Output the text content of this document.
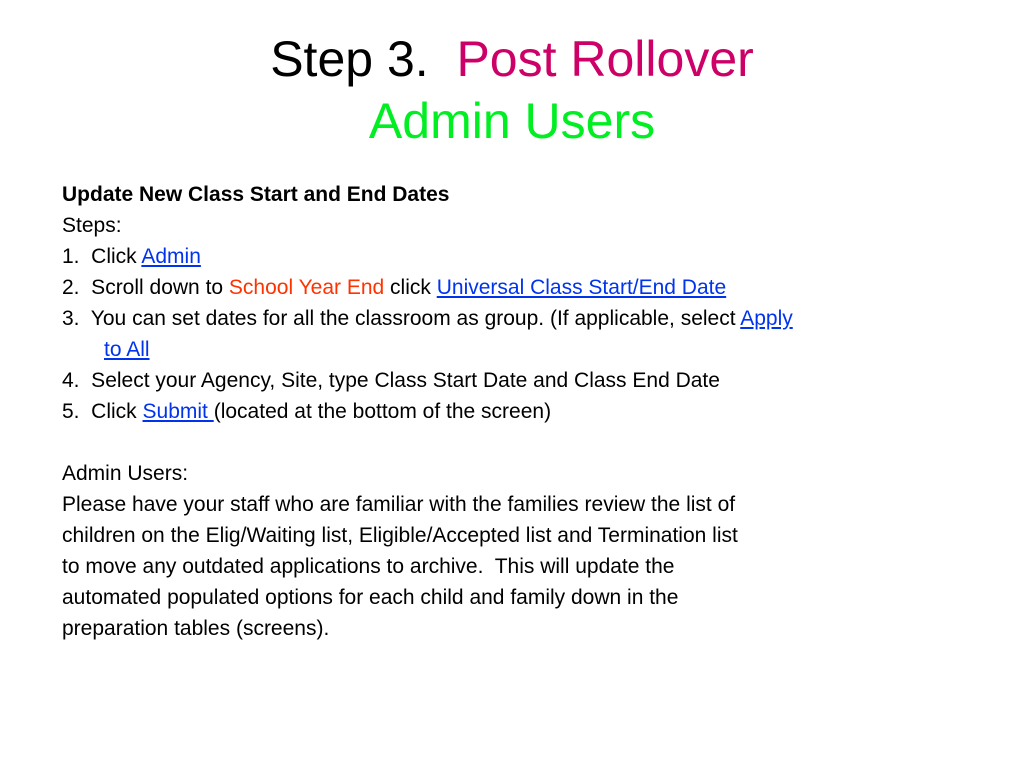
Step 3. Post Rollover
Admin Users
Update New Class Start and End Dates
Steps:
1.  Click Admin
2.  Scroll down to School Year End click Universal Class Start/End Date
3.  You can set dates for all the classroom as group. (If applicable, select Apply
to All
4.  Select your Agency, Site, type Class Start Date and Class End Date
5.  Click Submit (located at the bottom of the screen)
Admin Users:
Please have your staff who are familiar with the families review the list of
children on the Elig/Waiting list, Eligible/Accepted list and Termination list
to move any outdated applications to archive.  This will update the
automated populated options for each child and family down in the
preparation tables (screens).
